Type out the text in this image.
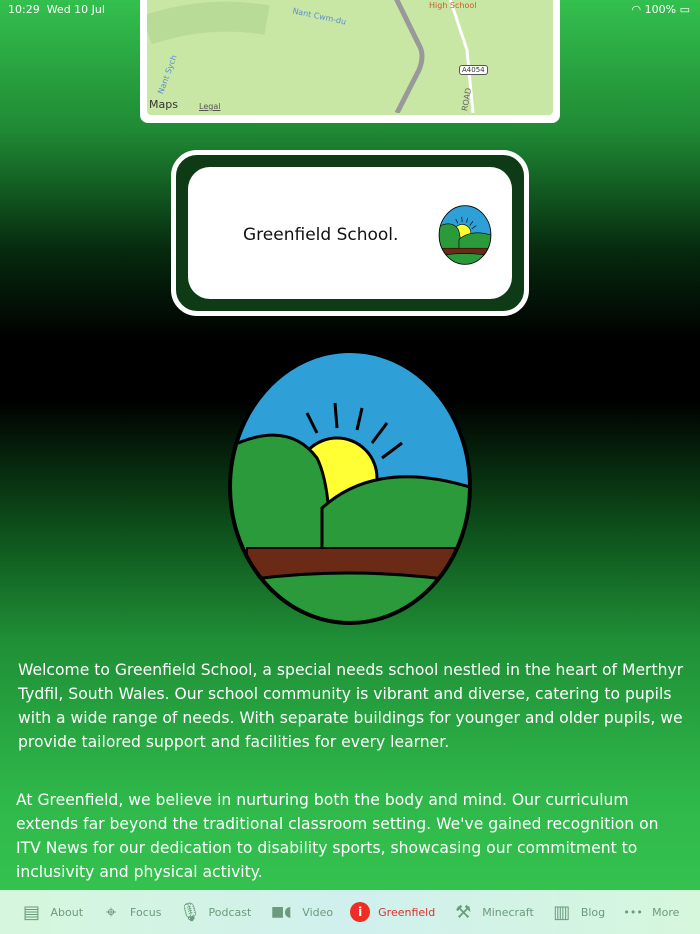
10:29 Wed 10 Jul	◠ 100% ▭
High School
Nant Cwm-du
Nant Sych	A4054
ROAD
Maps	Legal
Greenfield School.
Welcome to Greenfield School, a special needs school nestled in the heart of Merthyr Tydfil, South Wales. Our school community is vibrant and diverse, catering to pupils with a wide range of needs. With separate buildings for younger and older pupils, we provide tailored support and facilities for every learner.
At Greenfield, we believe in nurturing both the body and mind. Our curriculum extends far beyond the traditional classroom setting. We've gained recognition on ITV News for our dedication to disability sports, showcasing our commitment to inclusivity and physical activity.
▤ About	⌖	Focus 🎙 Podcast ■◖ Video	i	Greenfield ⚒ Minecraft ▥ Blog ••• More
